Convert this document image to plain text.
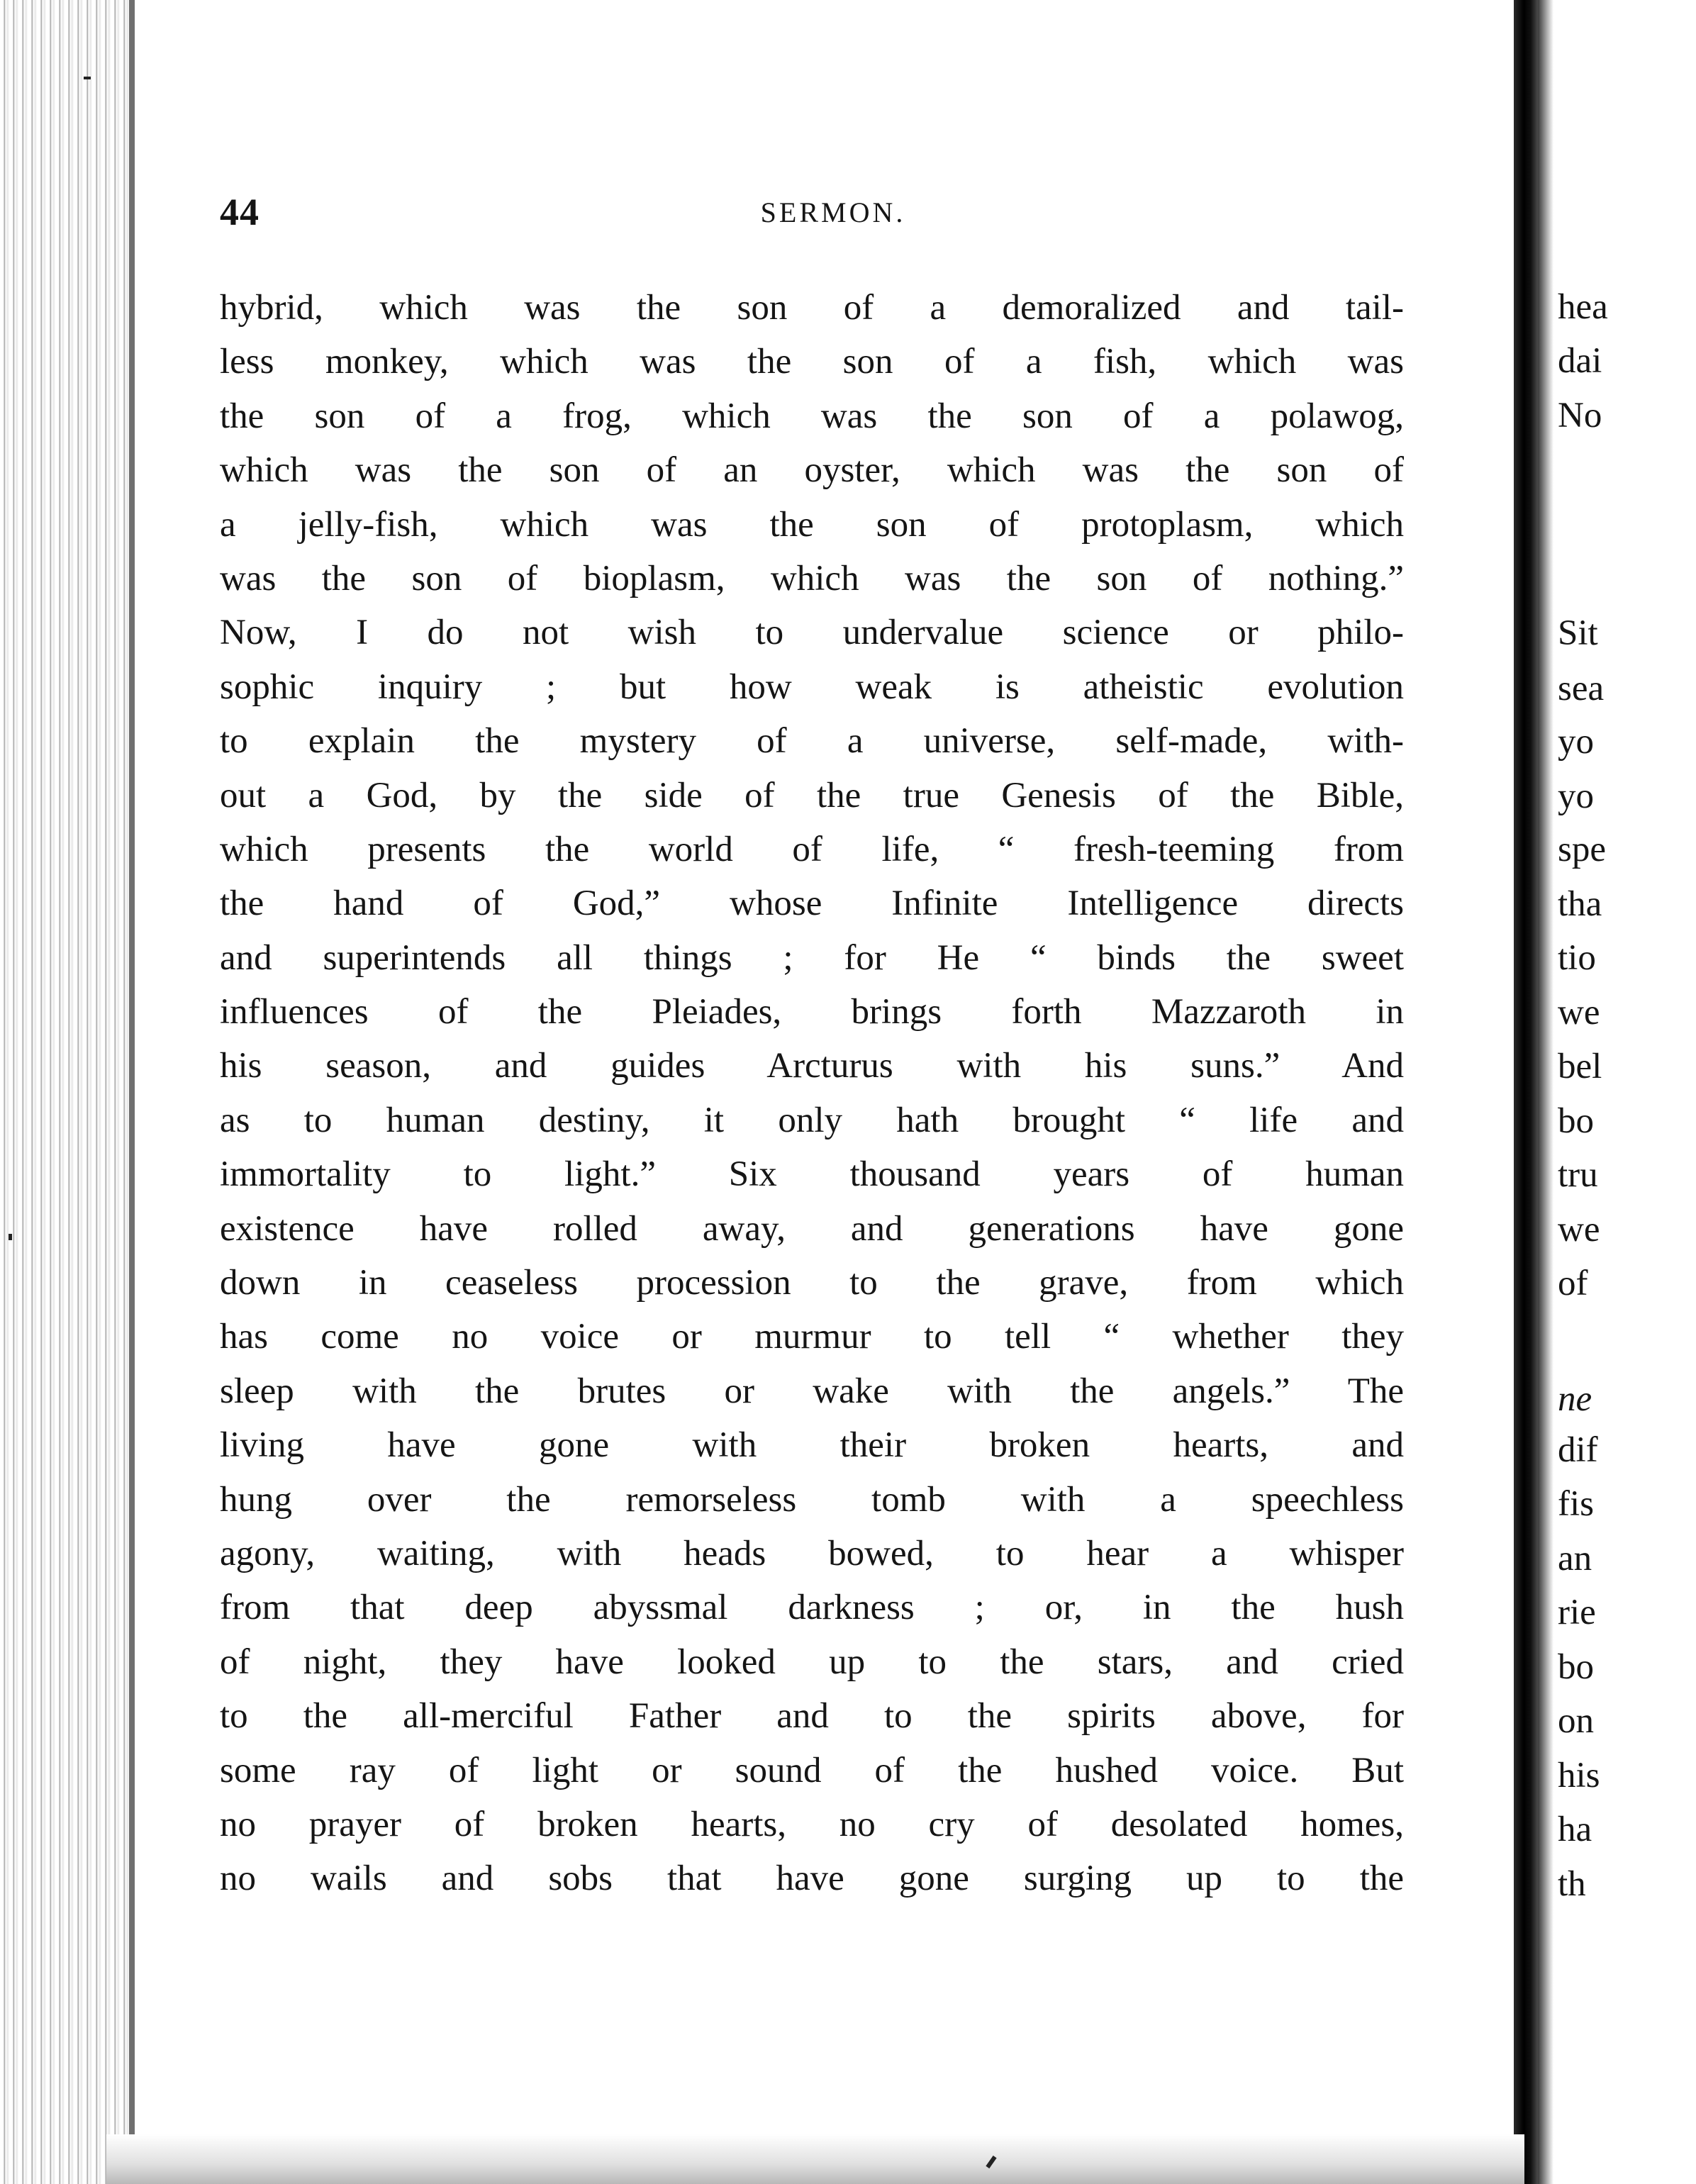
44	SERMON.
hybrid, which was the son of a demoralized and tail-
less monkey, which was the son of a fish, which was
the son of a frog, which was the son of a polawog,
which was the son of an oyster, which was the son of
a jelly-fish, which was the son of protoplasm, which
was the son of bioplasm, which was the son of nothing.”
Now, I do not wish to undervalue science or philo-
sophic inquiry ; but how weak is atheistic evolution
to explain the mystery of a universe, self-made, with-
out a God, by the side of the true Genesis of the Bible,
which presents the world of life, “ fresh-teeming from
the hand of God,” whose Infinite Intelligence directs
and superintends all things ; for He “ binds the sweet
influences of the Pleiades, brings forth Mazzaroth in
his season, and guides Arcturus with his suns.” And
as to human destiny, it only hath brought “ life and
immortality to light.” Six thousand years of human
existence have rolled away, and generations have gone
down in ceaseless procession to the grave, from which
has come no voice or murmur to tell “ whether they
sleep with the brutes or wake with the angels.” The
living have gone with their broken hearts, and
hung over the remorseless tomb with a speechless
agony, waiting, with heads bowed, to hear a whisper
from that deep abyssmal darkness ; or, in the hush
of night, they have looked up to the stars, and cried
to the all-merciful Father and to the spirits above, for
some ray of light or sound of the hushed voice. But
no prayer of broken hearts, no cry of desolated homes,
no wails and sobs that have gone surging up to the
hea
dai
No
Sit
sea
yo
yo
spe
tha
tio
we
bel
bo
tru
we
of
ne
dif
fis
an
rie
bo
on
his
ha
th
